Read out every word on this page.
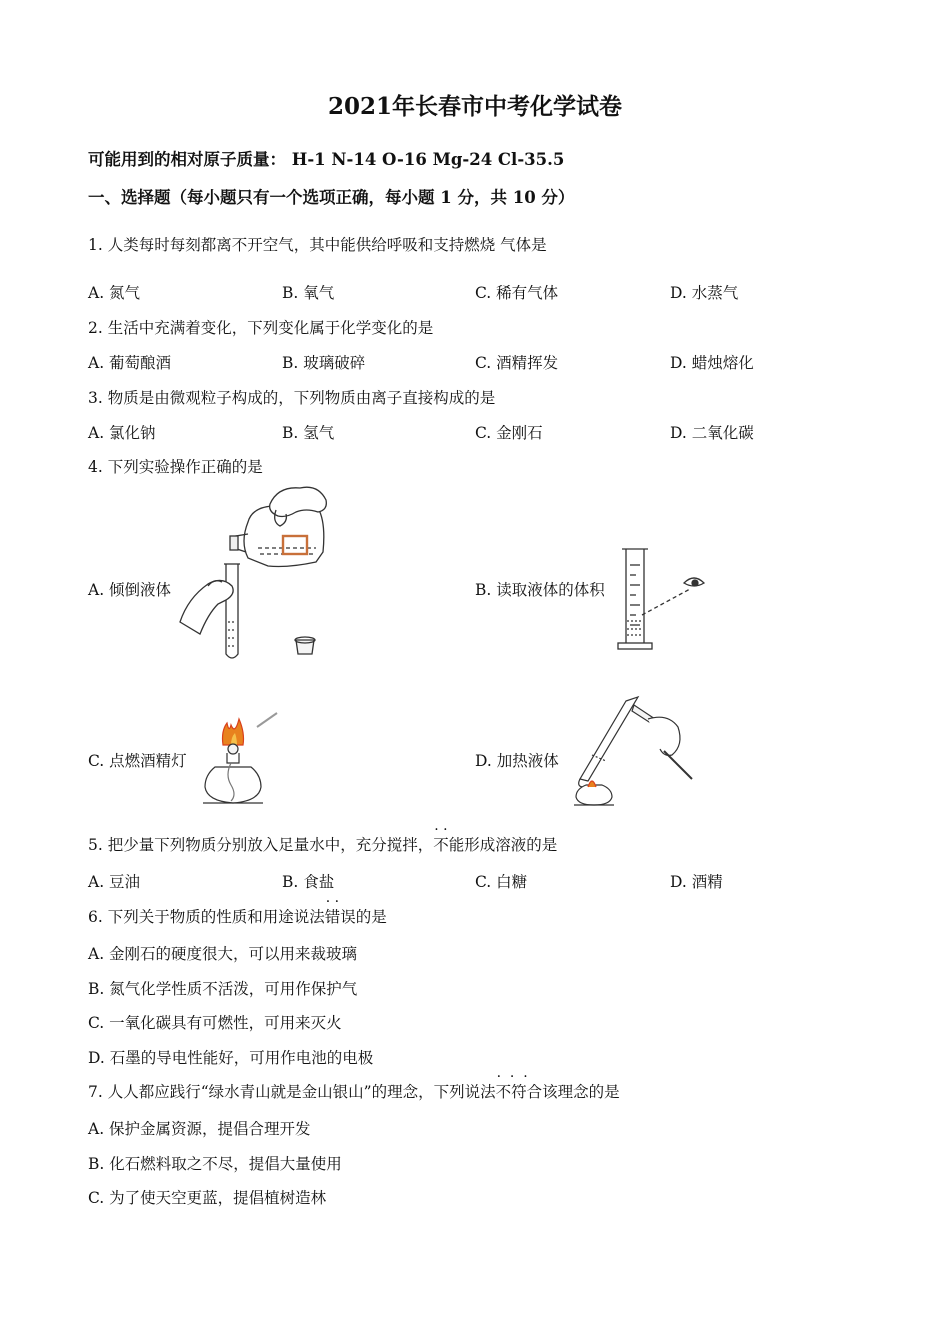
2021年长春市中考化学试卷
可能用到的相对原子质量： H-1 N-14 O-16 Mg-24 Cl-35.5
一、选择题（每小题只有一个选项正确，每小题 1 分，共 10 分）
1. 人类每时每刻都离不开空气，其中能供给呼吸和支持燃烧 气体是
A. 氮气	B. 氧气	C. 稀有气体	D. 水蒸气
2. 生活中充满着变化，下列变化属于化学变化的是
A. 葡萄酿酒	B. 玻璃破碎	C. 酒精挥发	D. 蜡烛熔化
3. 物质是由微观粒子构成的，下列物质由离子直接构成的是
A. 氯化钠	B. 氢气	C. 金刚石	D. 二氧化碳
4. 下列实验操作正确的是
A. 倾倒液体	B. 读取液体的体积
C. 点燃酒精灯	D. 加热液体
5. 把少量下列物质分别放入足量水中，充分搅拌，不能 · ·形成溶液的是
A. 豆油	B. 食盐	C. 白糖	D. 酒精
6. 下列关于物质的性质和用途说法错误 · ·的是
A. 金刚石的硬度很大，可以用来裁玻璃
B. 氮气化学性质不活泼，可用作保护气
C. 一氧化碳具有可燃性，可用来灭火
D. 石墨的导电性能好，可用作电池的电极
7. 人人都应践行“绿水青山就是金山银山”的理念，下列说法不符合 ·  ·  ·该理念的是
A. 保护金属资源，提倡合理开发
B. 化石燃料取之不尽，提倡大量使用
C. 为了使天空更蓝，提倡植树造林
